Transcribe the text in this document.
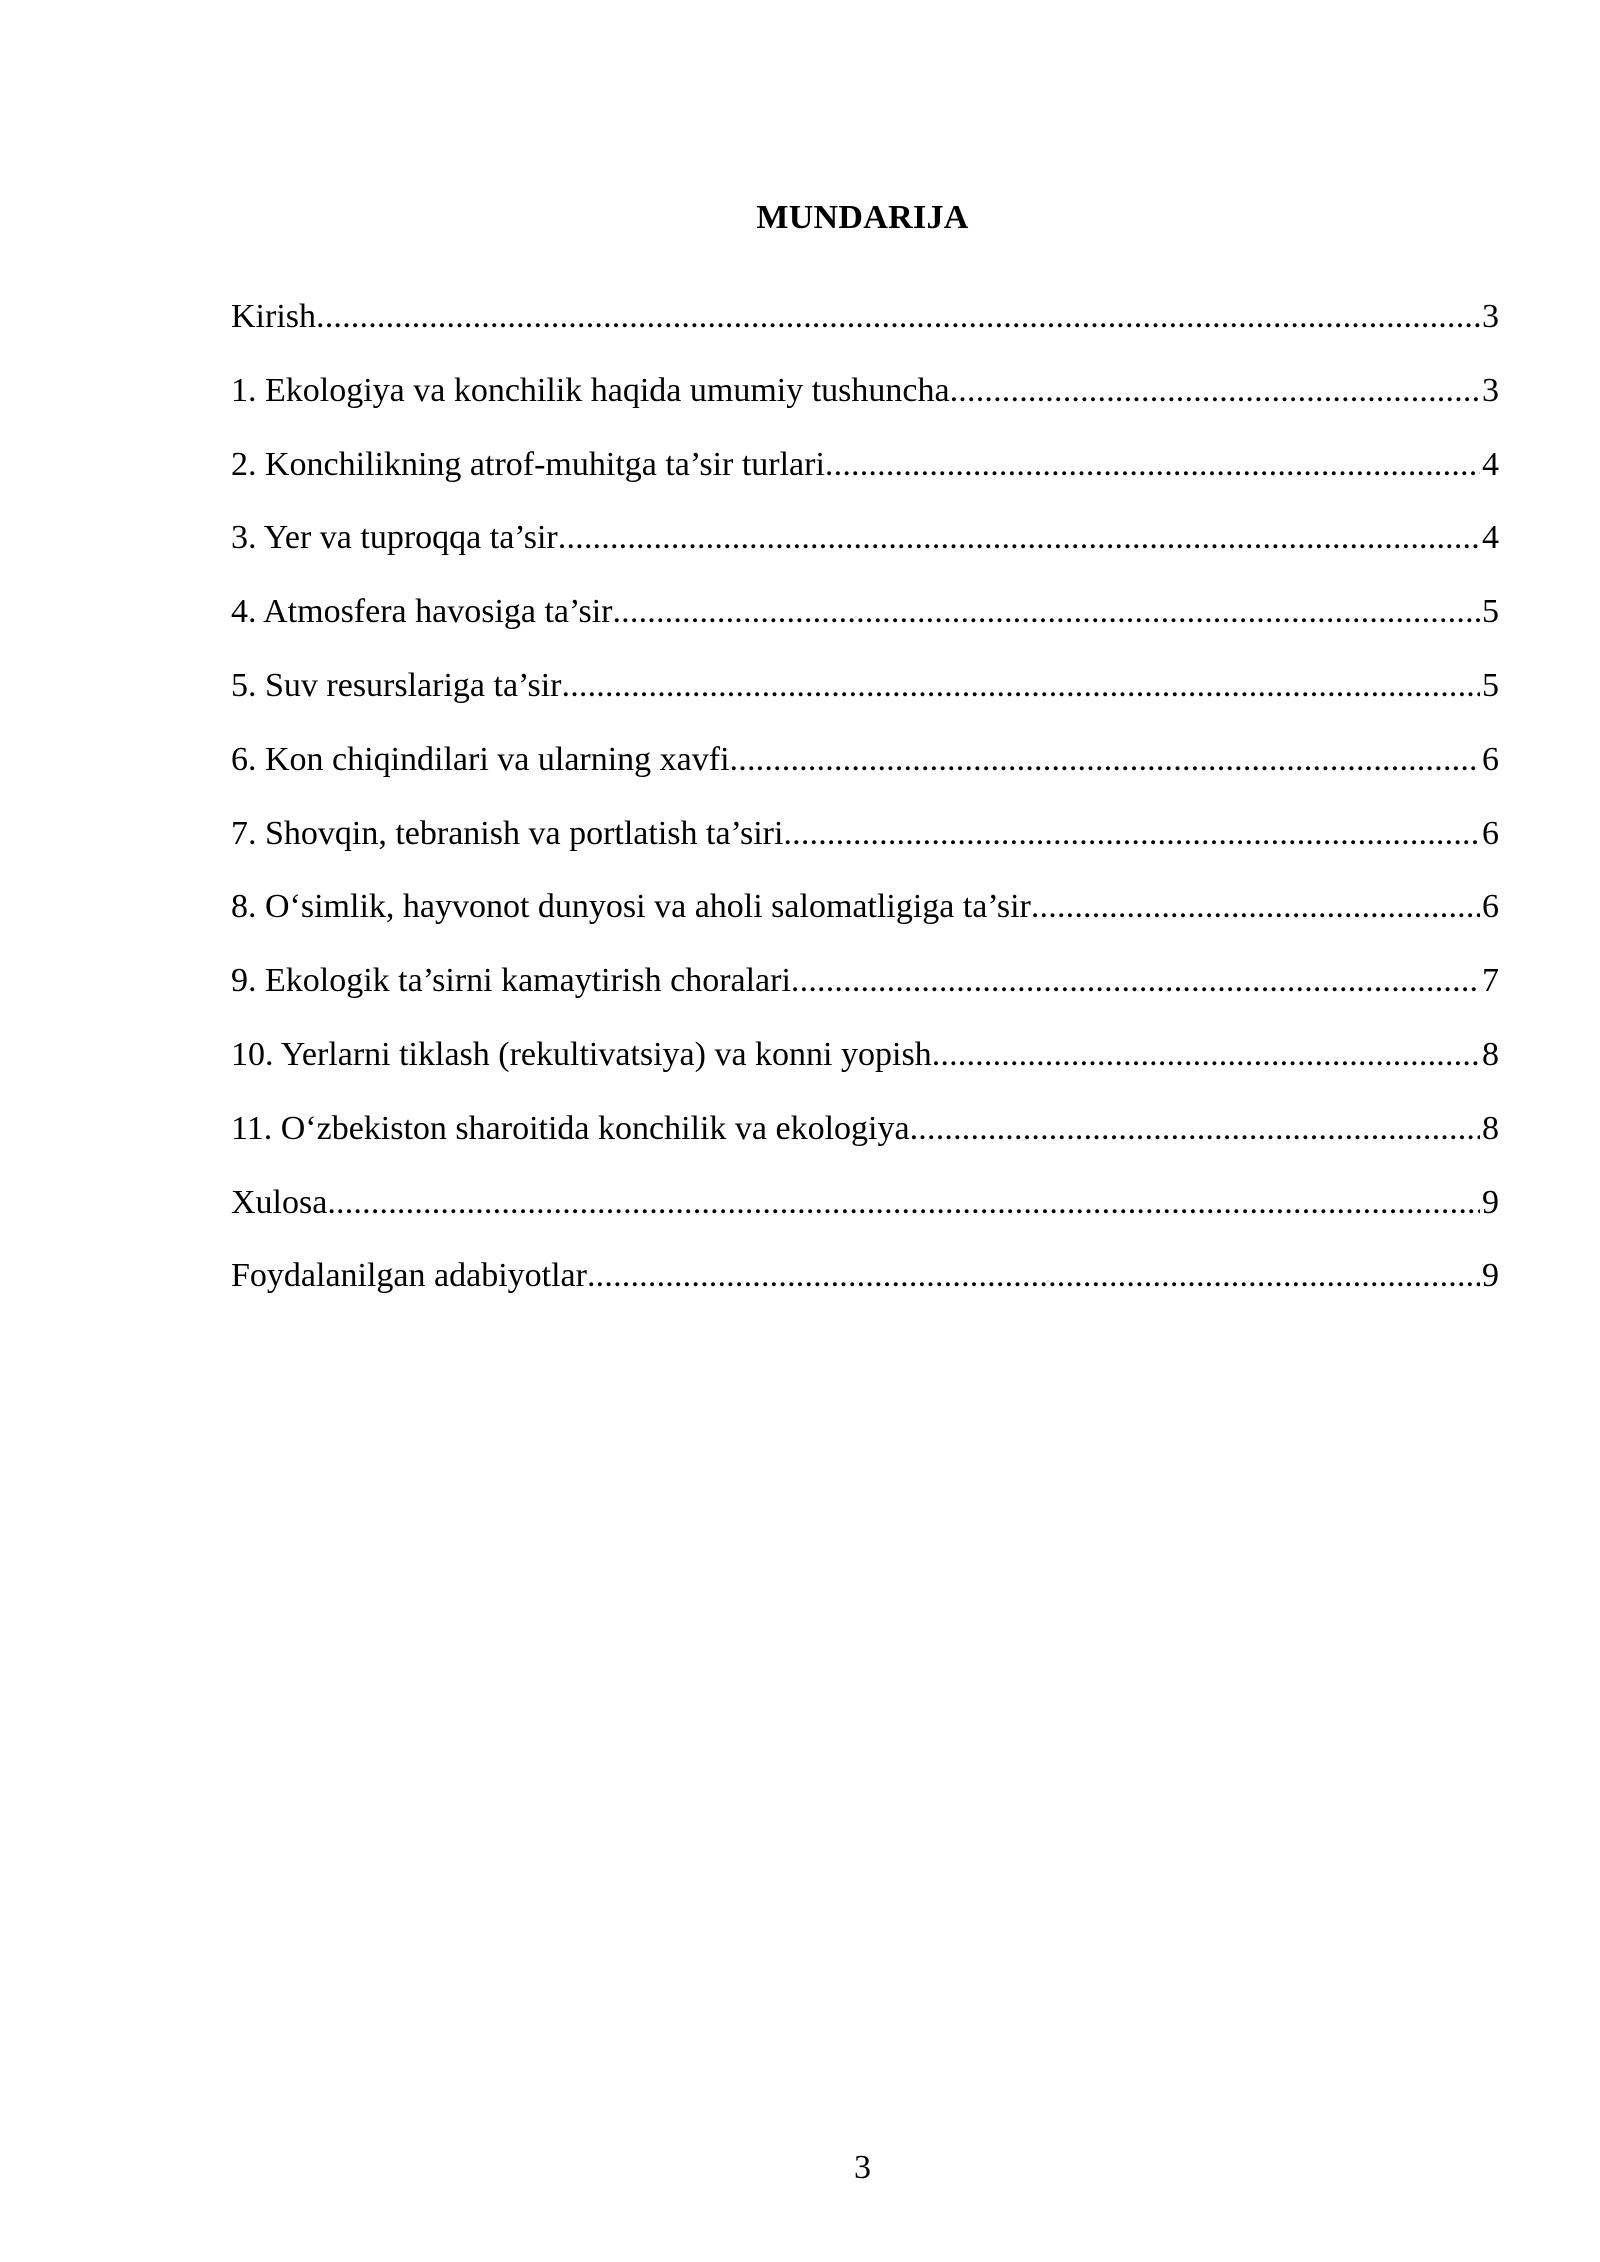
MUNDARIJA
Kirish .....	3
1. Ekologiya va konchilik haqida umumiy tushuncha .....	3
2. Konchilikning atrof-muhitga ta’sir turlari .....	4
3. Yer va tuproqqa ta’sir .....	4
4. Atmosfera havosiga ta’sir .....	5
5. Suv resurslariga ta’sir .....	5
6. Kon chiqindilari va ularning xavfi .....	6
7. Shovqin, tebranish va portlatish ta’siri .....	6
8. O‘simlik, hayvonot dunyosi va aholi salomatligiga ta’sir .....	6
9. Ekologik ta’sirni kamaytirish choralari .....	7
10. Yerlarni tiklash (rekultivatsiya) va konni yopish .....	8
11. O‘zbekiston sharoitida konchilik va ekologiya .....	8
Xulosa .....	9
Foydalanilgan adabiyotlar .....	9
3
